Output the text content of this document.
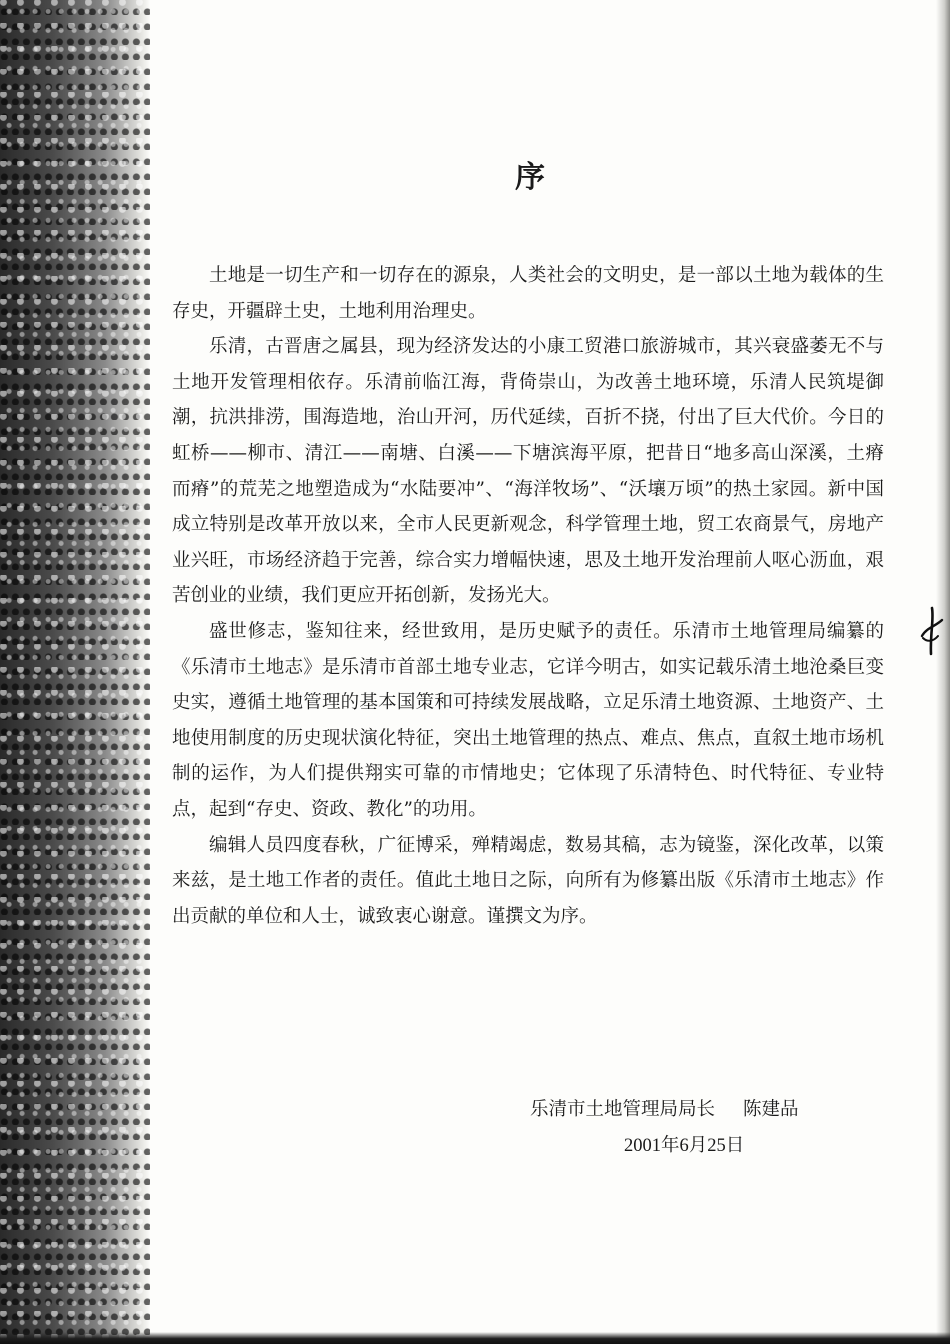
序

土地是一切生产和一切存在的源泉，人类社会的文明史，是一部以土地为载体的生存史，开疆辟土史，土地利用治理史。

乐清，古晋唐之属县，现为经济发达的小康工贸港口旅游城市，其兴衰盛萎无不与土地开发管理相依存。乐清前临江海，背倚崇山，为改善土地环境，乐清人民筑堤御潮，抗洪排涝，围海造地，治山开河，历代延续，百折不挠，付出了巨大代价。今日的虹桥——柳市、清江——南塘、白溪——下塘滨海平原，把昔日“地多高山深溪，土瘠而瘠”的荒芜之地塑造成为“水陆要冲”、“海洋牧场”、“沃壤万顷”的热土家园。新中国成立特别是改革开放以来，全市人民更新观念，科学管理土地，贸工农商景气，房地产业兴旺，市场经济趋于完善，综合实力增幅快速，思及土地开发治理前人呕心沥血，艰苦创业的业绩，我们更应开拓创新，发扬光大。

盛世修志，鉴知往来，经世致用，是历史赋予的责任。乐清市土地管理局编纂的《乐清市土地志》是乐清市首部土地专业志，它详今明古，如实记载乐清土地沧桑巨变史实，遵循土地管理的基本国策和可持续发展战略，立足乐清土地资源、土地资产、土地使用制度的历史现状演化特征，突出土地管理的热点、难点、焦点，直叙土地市场机制的运作，为人们提供翔实可靠的市情地史；它体现了乐清特色、时代特征、专业特点，起到“存史、资政、教化”的功用。

编辑人员四度春秋，广征博采，殚精竭虑，数易其稿，志为镜鉴，深化改革，以策来兹，是土地工作者的责任。值此土地日之际，向所有为修纂出版《乐清市土地志》作出贡献的单位和人士，诚致衷心谢意。谨撰文为序。

乐清市土地管理局局长 陈建品
2001年6月25日
